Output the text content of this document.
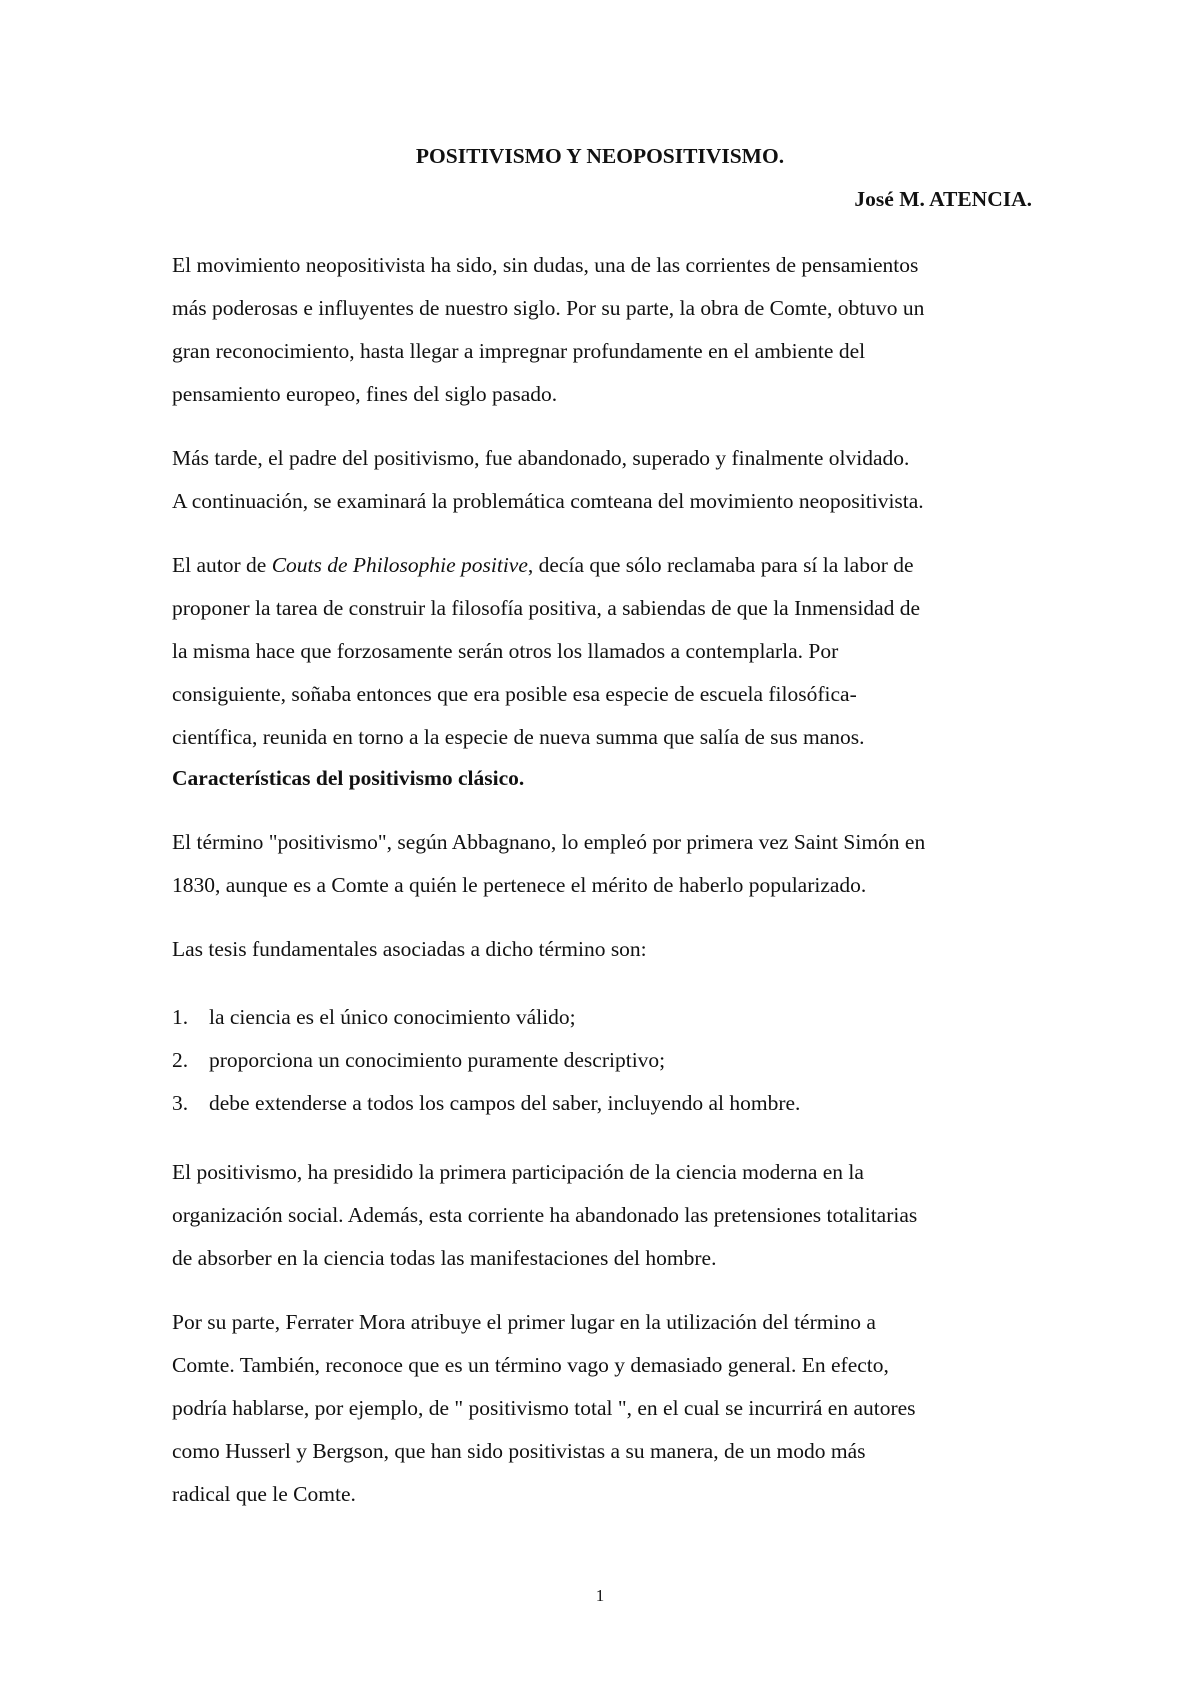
POSITIVISMO Y NEOPOSITIVISMO.
José M. ATENCIA.
El movimiento neopositivista ha sido, sin dudas, una de las corrientes de pensamientos
más poderosas e influyentes de nuestro siglo. Por su parte, la obra de Comte, obtuvo un
gran reconocimiento, hasta llegar a impregnar profundamente en el ambiente del
pensamiento europeo, fines del siglo pasado.
Más tarde, el padre del positivismo, fue abandonado, superado y finalmente olvidado.
A continuación, se examinará la problemática comteana del movimiento neopositivista.
El autor de Couts de Philosophie positive, decía que sólo reclamaba para sí la labor de
proponer la tarea de construir la filosofía positiva, a sabiendas de que la Inmensidad de
la misma hace que forzosamente serán otros los llamados a contemplarla. Por
consiguiente, soñaba entonces que era posible esa especie de escuela filosófica-
científica, reunida en torno a la especie de nueva summa que salía de sus manos.
Características del positivismo clásico.
El término "positivismo", según Abbagnano, lo empleó por primera vez Saint Simón en
1830, aunque es a Comte a quién le pertenece el mérito de haberlo popularizado.
Las tesis fundamentales asociadas a dicho término son:
1. la ciencia es el único conocimiento válido;
2. proporciona un conocimiento puramente descriptivo;
3. debe extenderse a todos los campos del saber, incluyendo al hombre.
El positivismo, ha presidido la primera participación de la ciencia moderna en la
organización social. Además, esta corriente ha abandonado las pretensiones totalitarias
de absorber en la ciencia todas las manifestaciones del hombre.
Por su parte, Ferrater Mora atribuye el primer lugar en la utilización del término a
Comte. También, reconoce que es un término vago y demasiado general. En efecto,
podría hablarse, por ejemplo, de " positivismo total ", en el cual se incurrirá en autores
como Husserl y Bergson, que han sido positivistas a su manera, de un modo más
radical que le Comte.
1
